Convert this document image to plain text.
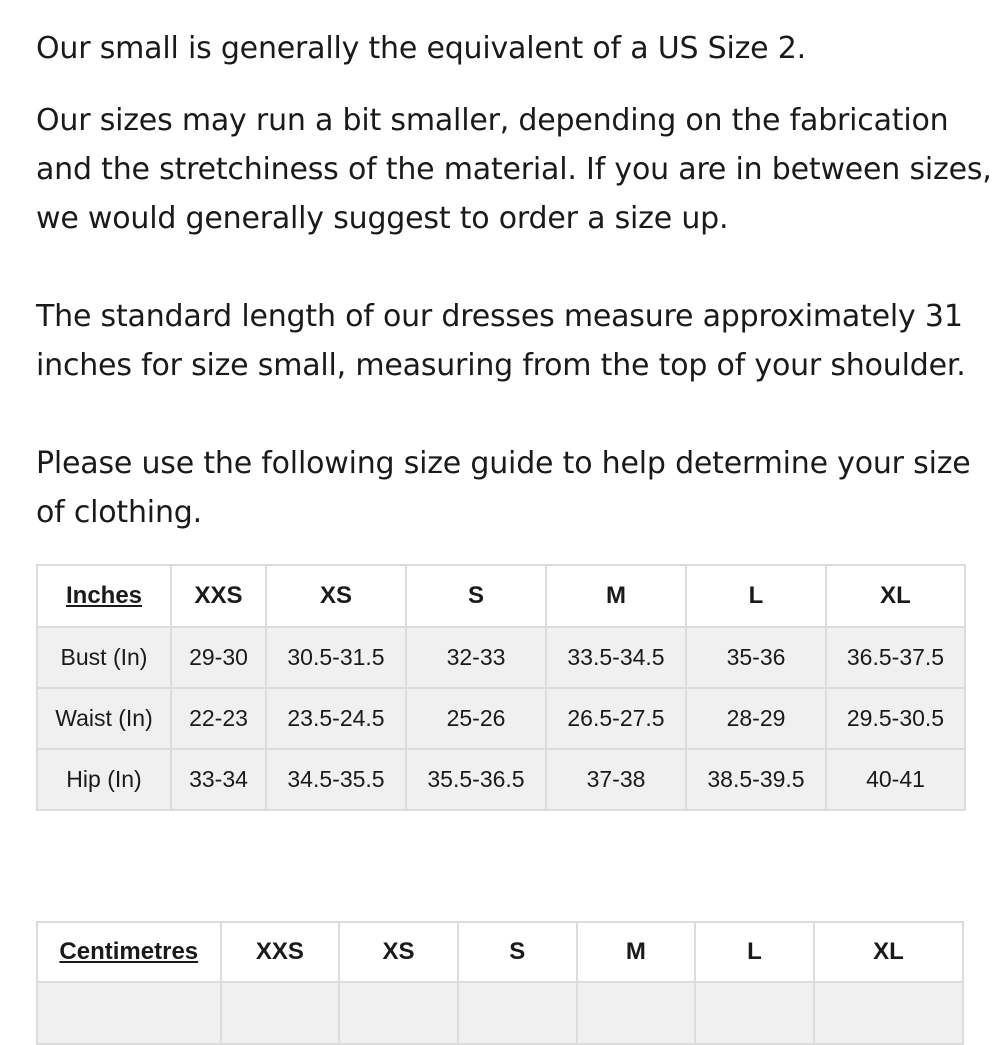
Our small is generally the equivalent of a US Size 2.

Our sizes may run a bit smaller, depending on the fabrication
and the stretchiness of the material. If you are in between sizes,
we would generally suggest to order a size up.

The standard length of our dresses measure approximately 31
inches for size small, measuring from the top of your shoulder.

Please use the following size guide to help determine your size
of clothing.

Inches	XXS	XS	S	M	L	XL
Bust (In)	29-30	30.5-31.5	32-33	33.5-34.5	35-36	36.5-37.5
Waist (In)	22-23	23.5-24.5	25-26	26.5-27.5	28-29	29.5-30.5
Hip (In)	33-34	34.5-35.5	35.5-36.5	37-38	38.5-39.5	40-41
Centimetres	XXS	XS	S	M	L	XL
